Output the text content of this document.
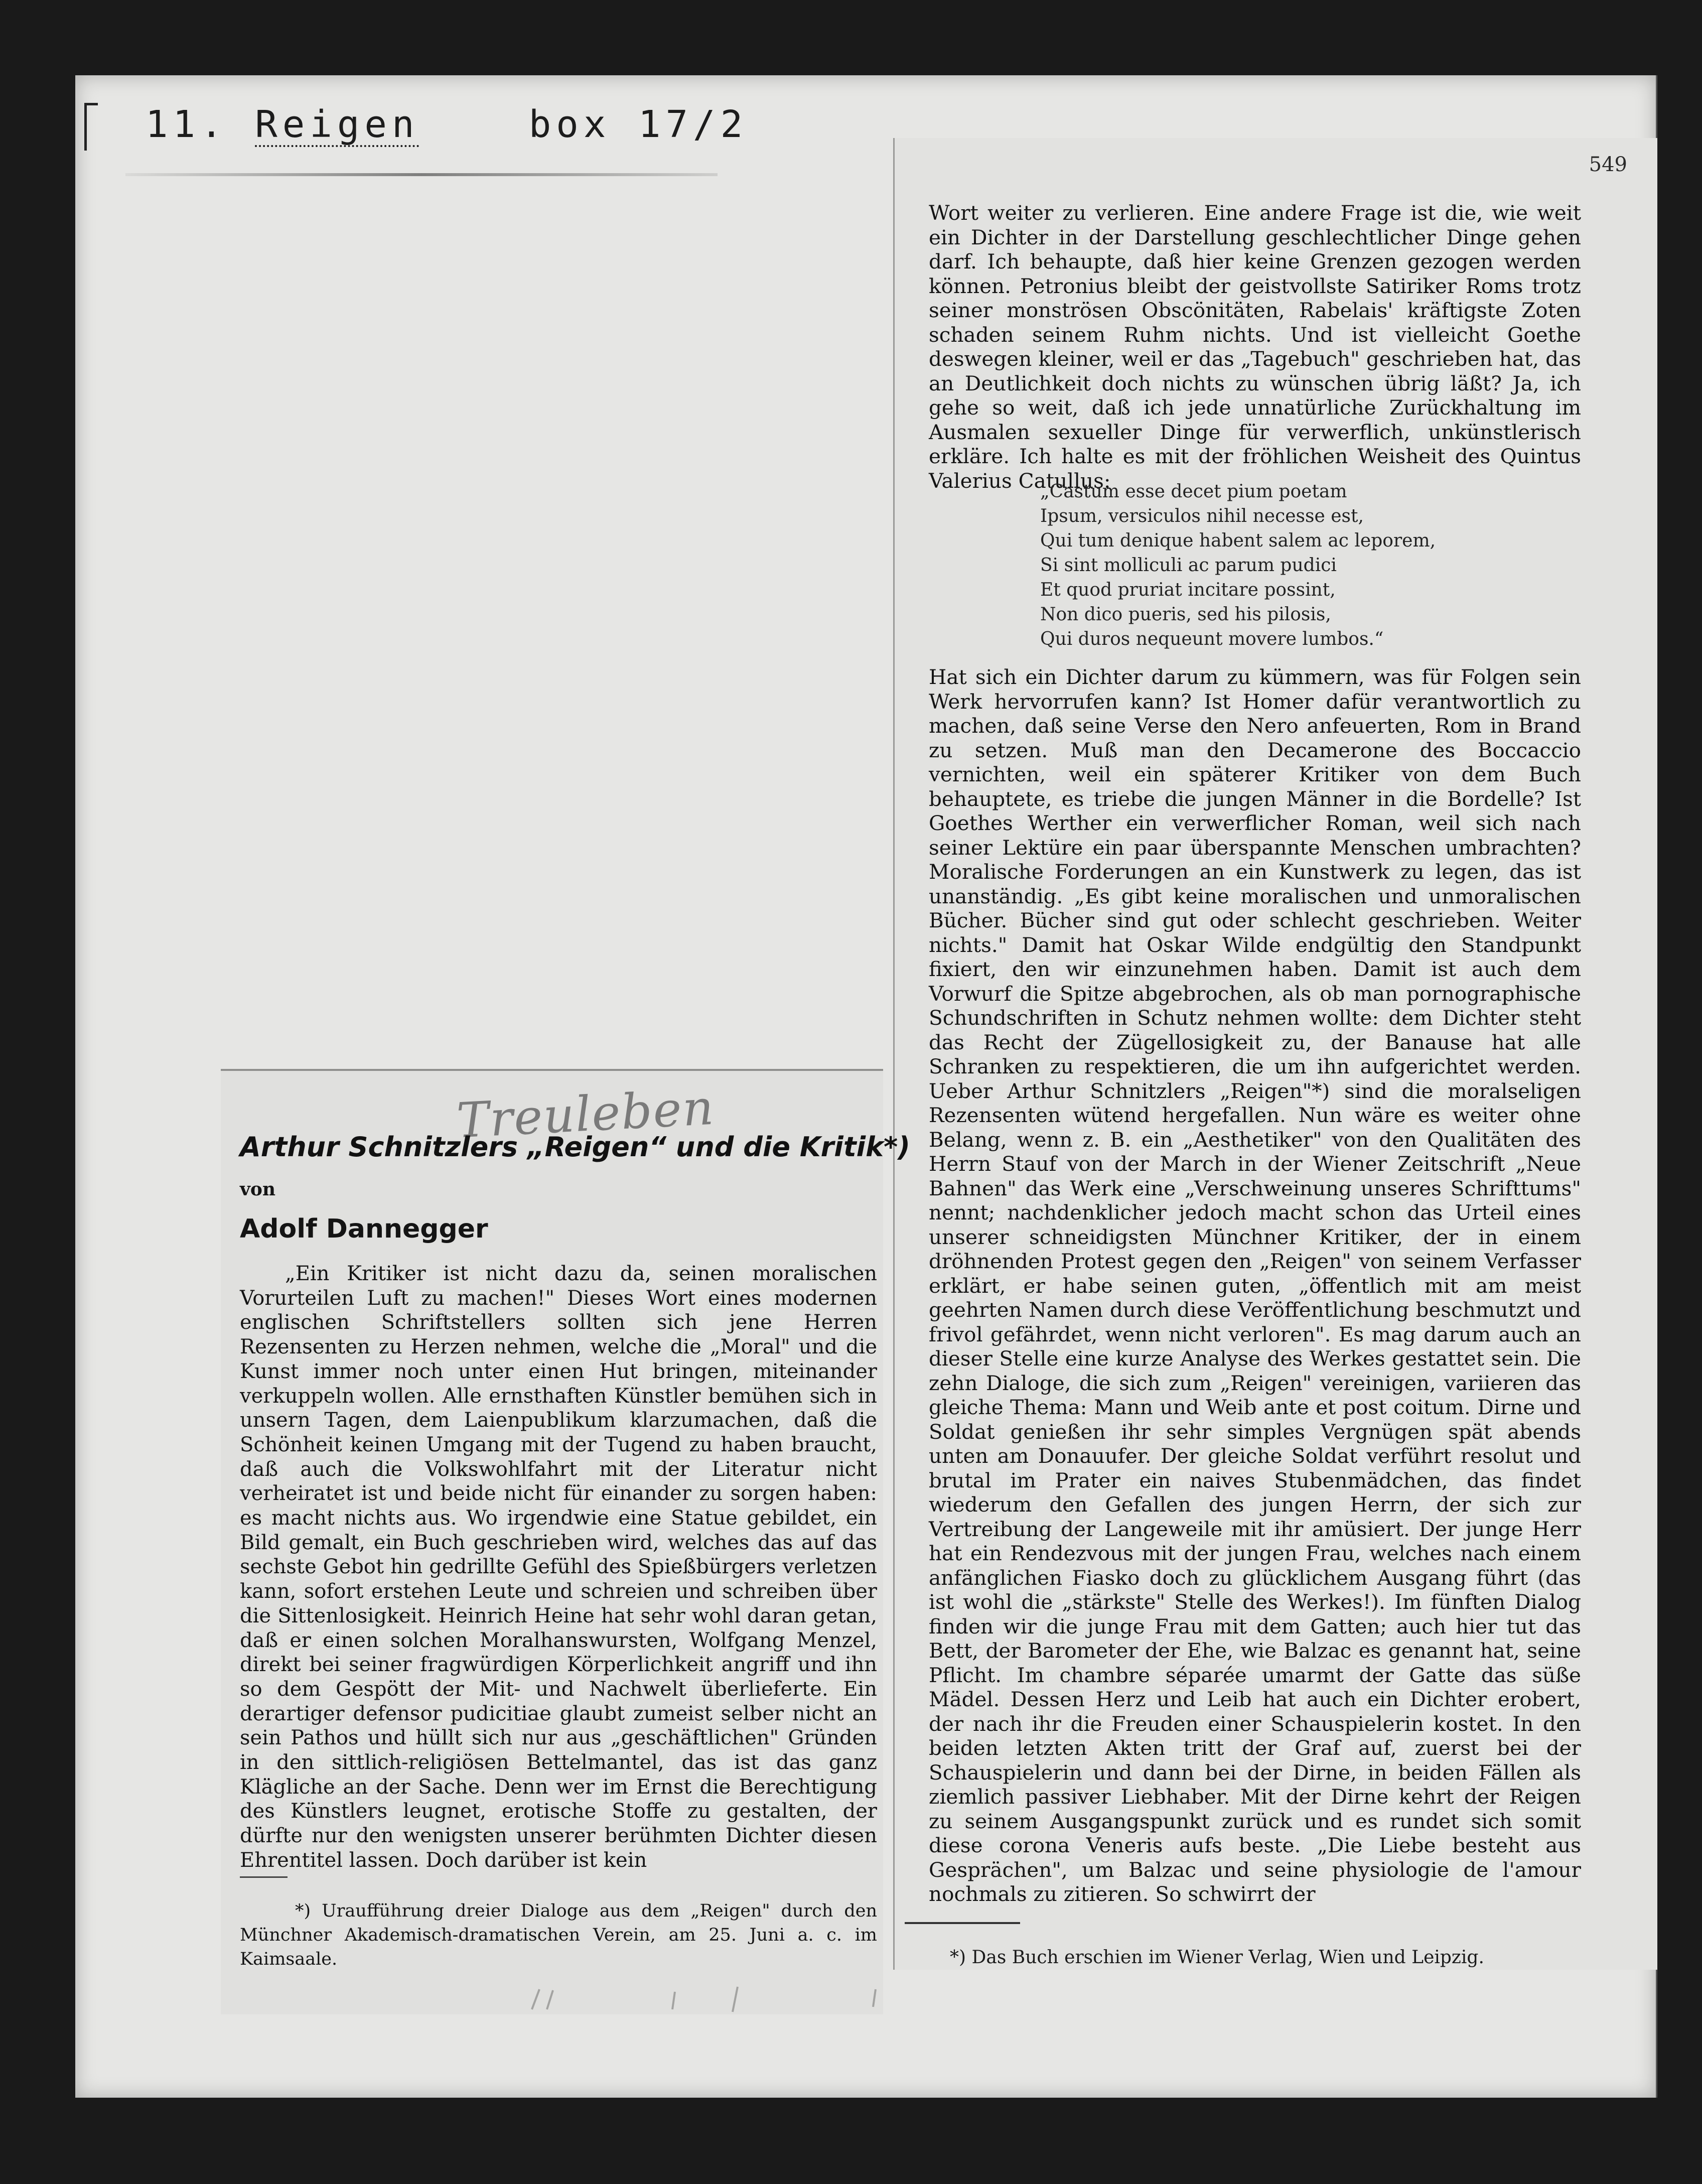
11. Reigen	box 17/2
549

Wort weiter zu verlieren. Eine andere Frage ist die, wie weit ein Dichter in der Darstellung geschlechtlicher Dinge gehen darf. Ich behaupte, daß hier keine Grenzen gezogen werden können. Petronius bleibt der geistvollste Satiriker Roms trotz seiner monströsen Obscönitäten, Rabelais' kräftigste Zoten schaden seinem Ruhm nichts. Und ist vielleicht Goethe deswegen kleiner, weil er das „Tagebuch" geschrieben hat, das an Deutlichkeit doch nichts zu wünschen übrig läßt? Ja, ich gehe so weit, daß ich jede unnatürliche Zurückhaltung im Ausmalen sexueller Dinge für verwerflich, unkünstlerisch erkläre. Ich halte es mit der fröhlichen Weisheit des Quintus Valerius Catullus:

„Castum esse decet pium poetam
Ipsum, versiculos nihil necesse est,
Qui tum denique habent salem ac leporem,
Si sint molliculi ac parum pudici
Et quod pruriat incitare possint,
Non dico pueris, sed his pilosis,
Qui duros nequeunt movere lumbos.“

Hat sich ein Dichter darum zu kümmern, was für Folgen sein Werk hervorrufen kann? Ist Homer dafür verantwortlich zu machen, daß seine Verse den Nero anfeuerten, Rom in Brand zu setzen. Muß man den Decamerone des Boccaccio vernichten, weil ein späterer Kritiker von dem Buch behauptete, es triebe die jungen Männer in die Bordelle? Ist Goethes Werther ein verwerflicher Roman, weil sich nach seiner Lektüre ein paar überspannte Menschen umbrachten? Moralische Forderungen an ein Kunstwerk zu legen, das ist unanständig. „Es gibt keine moralischen und unmoralischen Bücher. Bücher sind gut oder schlecht geschrieben. Weiter nichts." Damit hat Oskar Wilde endgültig den Standpunkt fixiert, den wir einzunehmen haben. Damit ist auch dem Vorwurf die Spitze abgebrochen, als ob man pornographische Schundschriften in Schutz nehmen wollte: dem Dichter steht das Recht der Zügellosigkeit zu, der Banause hat alle Schranken zu respektieren, die um ihn aufgerichtet werden. Ueber Arthur Schnitzlers „Reigen"*) sind die moralseligen Rezensenten wütend hergefallen. Nun wäre es weiter ohne Belang, wenn z. B. ein „Aesthetiker" von den Qualitäten des Herrn Stauf von der March in der Wiener Zeitschrift „Neue Bahnen" das Werk eine „Verschweinung unseres Schrifttums" nennt; nachdenklicher jedoch macht schon das Urteil eines unserer schneidigsten Münchner Kritiker, der in einem dröhnenden Protest gegen den „Reigen" von seinem Verfasser erklärt, er habe seinen guten, „öffentlich mit am meist geehrten Namen durch diese Veröffentlichung beschmutzt und frivol gefährdet, wenn nicht verloren". Es mag darum auch an dieser Stelle eine kurze Analyse des Werkes gestattet sein. Die zehn Dialoge, die sich zum „Reigen" vereinigen, variieren das gleiche Thema: Mann und Weib ante et post coitum. Dirne und Soldat genießen ihr sehr simples Vergnügen spät abends unten am Donauufer. Der gleiche Soldat verführt resolut und brutal im Prater ein naives Stubenmädchen, das findet wiederum den Gefallen des jungen Herrn, der sich zur Vertreibung der Langeweile mit ihr amüsiert. Der junge Herr hat ein Rendezvous mit der jungen Frau, welches nach einem anfänglichen Fiasko doch zu glücklichem Ausgang führt (das ist wohl die „stärkste" Stelle des Werkes!). Im fünften Dialog finden wir die junge Frau mit dem Gatten; auch hier tut das Bett, der Barometer der Ehe, wie Balzac es genannt hat, seine Pflicht. Im chambre séparée umarmt der Gatte das süße Mädel. Dessen Herz und Leib hat auch ein Dichter erobert, der nach ihr die Freuden einer Schauspielerin kostet. In den beiden letzten Akten tritt der Graf auf, zuerst bei der Schauspielerin und dann bei der Dirne, in beiden Fällen als ziemlich passiver Liebhaber. Mit der Dirne kehrt der Reigen zu seinem Ausgangspunkt zurück und es rundet sich somit diese corona Veneris aufs beste. „Die Liebe besteht aus Gesprächen", um Balzac und seine physiologie de l'amour nochmals zu zitieren. So schwirrt der

*) Das Buch erschien im Wiener Verlag, Wien und Leipzig.
Treuleben
Arthur Schnitzlers „Reigen“ und die Kritik*)
von
Adolf Dannegger
„Ein Kritiker ist nicht dazu da, seinen moralischen Vorurteilen Luft zu machen!" Dieses Wort eines modernen englischen Schriftstellers sollten sich jene Herren Rezensenten zu Herzen nehmen, welche die „Moral" und die Kunst immer noch unter einen Hut bringen, miteinander verkuppeln wollen. Alle ernsthaften Künstler bemühen sich in unsern Tagen, dem Laienpublikum klarzumachen, daß die Schönheit keinen Umgang mit der Tugend zu haben braucht, daß auch die Volkswohlfahrt mit der Literatur nicht verheiratet ist und beide nicht für einander zu sorgen haben: es macht nichts aus. Wo irgendwie eine Statue gebildet, ein Bild gemalt, ein Buch geschrieben wird, welches das auf das sechste Gebot hin gedrillte Gefühl des Spießbürgers verletzen kann, sofort erstehen Leute und schreien und schreiben über die Sittenlosigkeit. Heinrich Heine hat sehr wohl daran getan, daß er einen solchen Moralhanswursten, Wolfgang Menzel, direkt bei seiner fragwürdigen Körperlichkeit angriff und ihn so dem Gespött der Mit- und Nachwelt überlieferte. Ein derartiger defensor pudicitiae glaubt zumeist selber nicht an sein Pathos und hüllt sich nur aus „geschäftlichen" Gründen in den sittlich-religiösen Bettelmantel, das ist das ganz Klägliche an der Sache. Denn wer im Ernst die Berechtigung des Künstlers leugnet, erotische Stoffe zu gestalten, der dürfte nur den wenigsten unserer berühmten Dichter diesen Ehrentitel lassen. Doch darüber ist kein
*) Uraufführung dreier Dialoge aus dem „Reigen" durch den Münchner Akademisch-dramatischen Verein, am 25. Juni a. c. im Kaimsaale.
